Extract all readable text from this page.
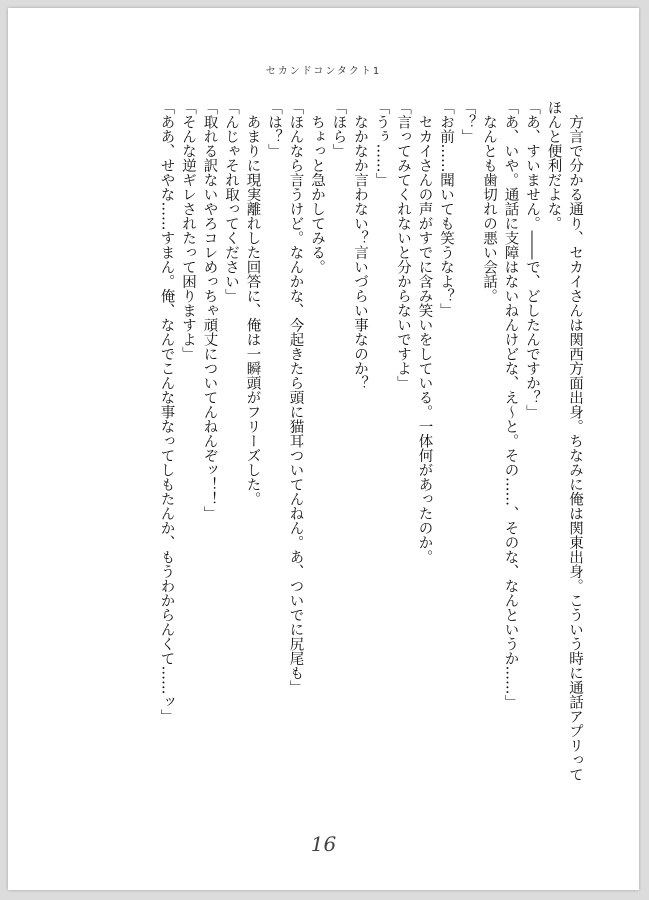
セカンドコンタクト1
　方言で分かる通り、セカイさんは関西方面出身。ちなみに俺は関東出身。こういう時に通話アプリって
ほんと便利だよな。
「あ、すいません。――で、どしたんですか？」
「あ、いや。通話に支障はないねんけどな、え～と。その……、そのな、なんというか……」
　なんとも歯切れの悪い会話。
「？」
「お前……聞いても笑うなよ？」
　セカイさんの声がすでに含み笑いをしている。一体何があったのか。
「言ってみてくれないと分からないですよ」
「うぅ……」
　なかなか言わない？言いづらい事なのか？
「ほら」
　ちょっと急かしてみる。
「ほんなら言うけど。なんかな、今起きたら頭に猫耳ついてんねん。あ、ついでに尻尾も」
「は？」
　あまりに現実離れした回答に、俺は一瞬頭がフリーズした。
「んじゃそれ取ってください」
「取れる訳ないやろコレめっちゃ頑丈についてんねんぞッ！！」
「そんな逆ギレされたって困りますよ」
「ああ、せやな……すまん。俺、なんでこんな事なってしもたんか、もうわからんくて……ッ」
16
